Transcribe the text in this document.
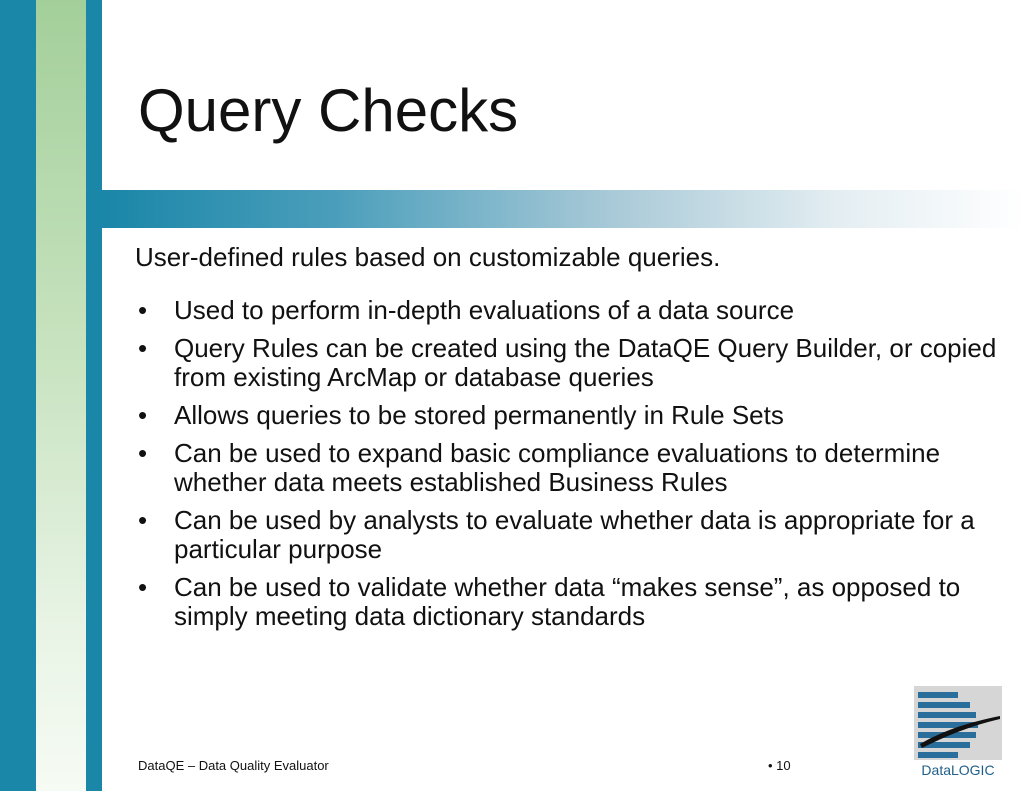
Query Checks
User-defined rules based on customizable queries.
• Used to perform in-depth evaluations of a data source
• Query Rules can be created using the DataQE Query Builder, or copied from existing ArcMap or database queries
• Allows queries to be stored permanently in Rule Sets
• Can be used to expand basic compliance evaluations to determine whether data meets established Business Rules
• Can be used by analysts to evaluate whether data is appropriate for a particular purpose
• Can be used to validate whether data “makes sense”, as opposed to simply meeting data dictionary standards
DataQE – Data Quality Evaluator	• 10	DataLOGIC
